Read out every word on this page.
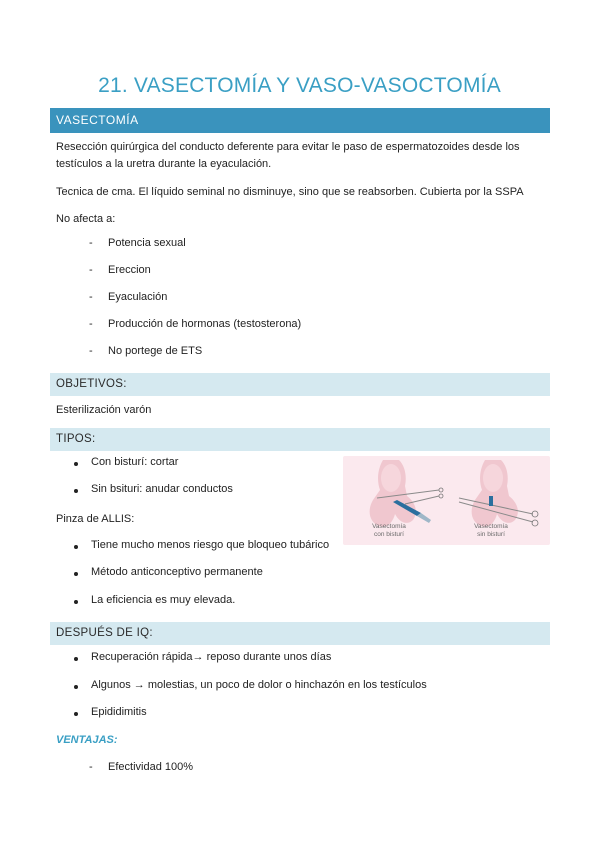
21. VASECTOMÍA Y VASO-VASOCTOMÍA
VASECTOMÍA
Resección quirúrgica del conducto deferente para evitar le paso de espermatozoides desde los
testículos a la uretra durante la eyaculación.
Tecnica de cma. El líquido seminal no disminuye, sino que se reabsorben. Cubierta por la SSPA
No afecta a:
- Potencia sexual
- Ereccion
- Eyaculación
- Producción de hormonas (testosterona)
- No portege de ETS
OBJETIVOS:
Esterilización varón
TIPOS:
Con bisturí: cortar
Sin bsituri: anudar conductos
Pinza de ALLIS:
Tiene mucho menos riesgo que bloqueo tubárico
Método anticonceptivo permanente
La eficiencia es muy elevada.
Vasectomía
con bisturí
Vasectomía
sin bisturí
DESPUÉS DE IQ:
Recuperación rápida→ reposo durante unos días
Algunos → molestias, un poco de dolor o hinchazón en los testículos
Epididimitis
VENTAJAS:
- Efectividad 100%
